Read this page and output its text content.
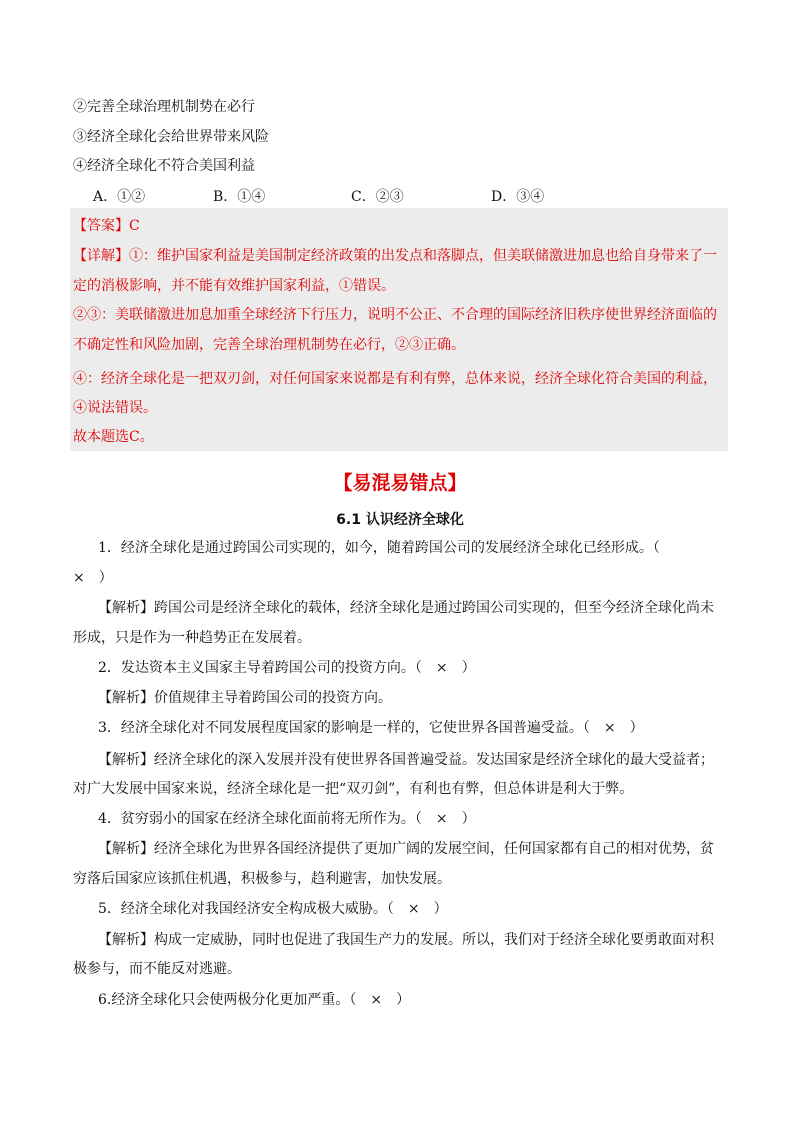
②完善全球治理机制势在必行
③经济全球化会给世界带来风险
④经济全球化不符合美国利益
A．①②	B．①④	C．②③	D．③④
【答案】C
【详解】①：维护国家利益是美国制定经济政策的出发点和落脚点，但美联储激进加息也给自身带来了一
定的消极影响，并不能有效维护国家利益，①错误。
②③：美联储激进加息加重全球经济下行压力，说明不公正、不合理的国际经济旧秩序使世界经济面临的
不确定性和风险加剧，完善全球治理机制势在必行，②③正确。
④：经济全球化是一把双刃剑，对任何国家来说都是有利有弊，总体来说，经济全球化符合美国的利益，
④说法错误。
故本题选C。
【易混易错点】
6.1 认识经济全球化
1．经济全球化是通过跨国公司实现的，如今，随着跨国公司的发展经济全球化已经形成。（
×　）
【解析】跨国公司是经济全球化的载体，经济全球化是通过跨国公司实现的，但至今经济全球化尚未
形成，只是作为一种趋势正在发展着。
2．发达资本主义国家主导着跨国公司的投资方向。（　×　）
【解析】价值规律主导着跨国公司的投资方向。
3．经济全球化对不同发展程度国家的影响是一样的，它使世界各国普遍受益。（　×　）
【解析】经济全球化的深入发展并没有使世界各国普遍受益。发达国家是经济全球化的最大受益者；
对广大发展中国家来说，经济全球化是一把“双刃剑”，有利也有弊，但总体讲是利大于弊。
4．贫穷弱小的国家在经济全球化面前将无所作为。（　×　）
【解析】经济全球化为世界各国经济提供了更加广阔的发展空间，任何国家都有自己的相对优势，贫
穷落后国家应该抓住机遇，积极参与，趋利避害，加快发展。
5．经济全球化对我国经济安全构成极大威胁。（　×　）
【解析】构成一定威胁，同时也促进了我国生产力的发展。所以，我们对于经济全球化要勇敢面对积
极参与，而不能反对逃避。
6.经济全球化只会使两极分化更加严重。（　×　）
